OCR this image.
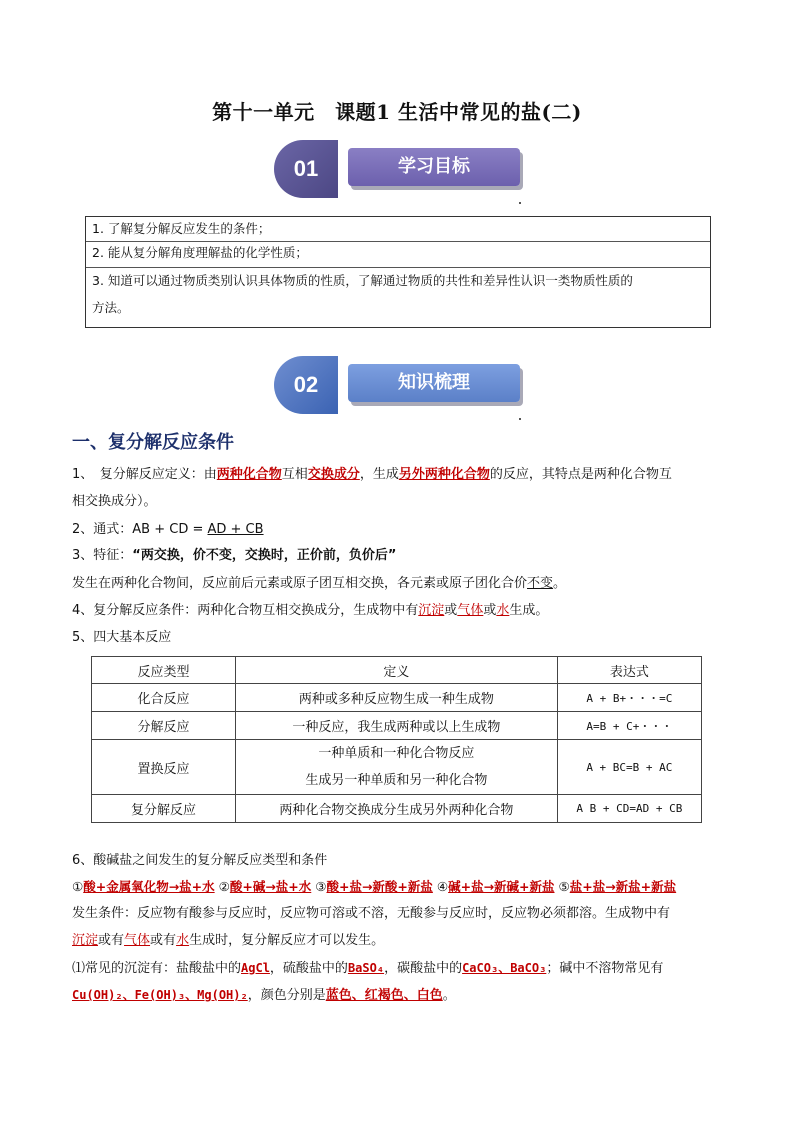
第十一单元　课题1 生活中常见的盐(二)
01	学习目标
1. 了解复分解反应发生的条件；
2. 能从复分解角度理解盐的化学性质；
3. 知道可以通过物质类别认识具体物质的性质，了解通过物质的共性和差异性认识一类物质性质的
方法。
02	知识梳理
一、复分解反应条件
1、　复分解反应定义：由两种化合物互相交换成分，生成另外两种化合物的反应，其特点是两种化合物互
相交换成分）。
2、通式：AB + CD = AD + CB
3、特征：“两交换，价不变，交换时，正价前，负价后”
发生在两种化合物间，反应前后元素或原子团互相交换，各元素或原子团化合价不变。
4、复分解反应条件：两种化合物互相交换成分，生成物中有沉淀或气体或水生成。
5、四大基本反应
反应类型	定义	表达式
化合反应	两种或多种反应物生成一种生成物	A + B+・・・=C
分解反应	一种反应，我生成两种或以上生成物	A=B + C+・・・
置换反应	一种单质和一种化合物反应
生成另一种单质和另一种化合物	A + BC=B + AC
复分解反应	两种化合物交换成分生成另外两种化合物	A B + CD=AD + CB
6、酸碱盐之间发生的复分解反应类型和条件
①酸+金属氧化物→盐+水 ②酸+碱→盐+水 ③酸+盐→新酸+新盐 ④碱+盐→新碱+新盐 ⑤盐+盐→新盐+新盐
发生条件：反应物有酸参与反应时，反应物可溶或不溶，无酸参与反应时，反应物必须都溶。生成物中有
沉淀或有气体或有水生成时，复分解反应才可以发生。
⑴常见的沉淀有：盐酸盐中的AgCl，硫酸盐中的BaSO₄，碳酸盐中的CaCO₃、BaCO₃；碱中不溶物常见有
Cu(OH)₂、Fe(OH)₃、Mg(OH)₂，颜色分别是蓝色、红褐色、白色。
